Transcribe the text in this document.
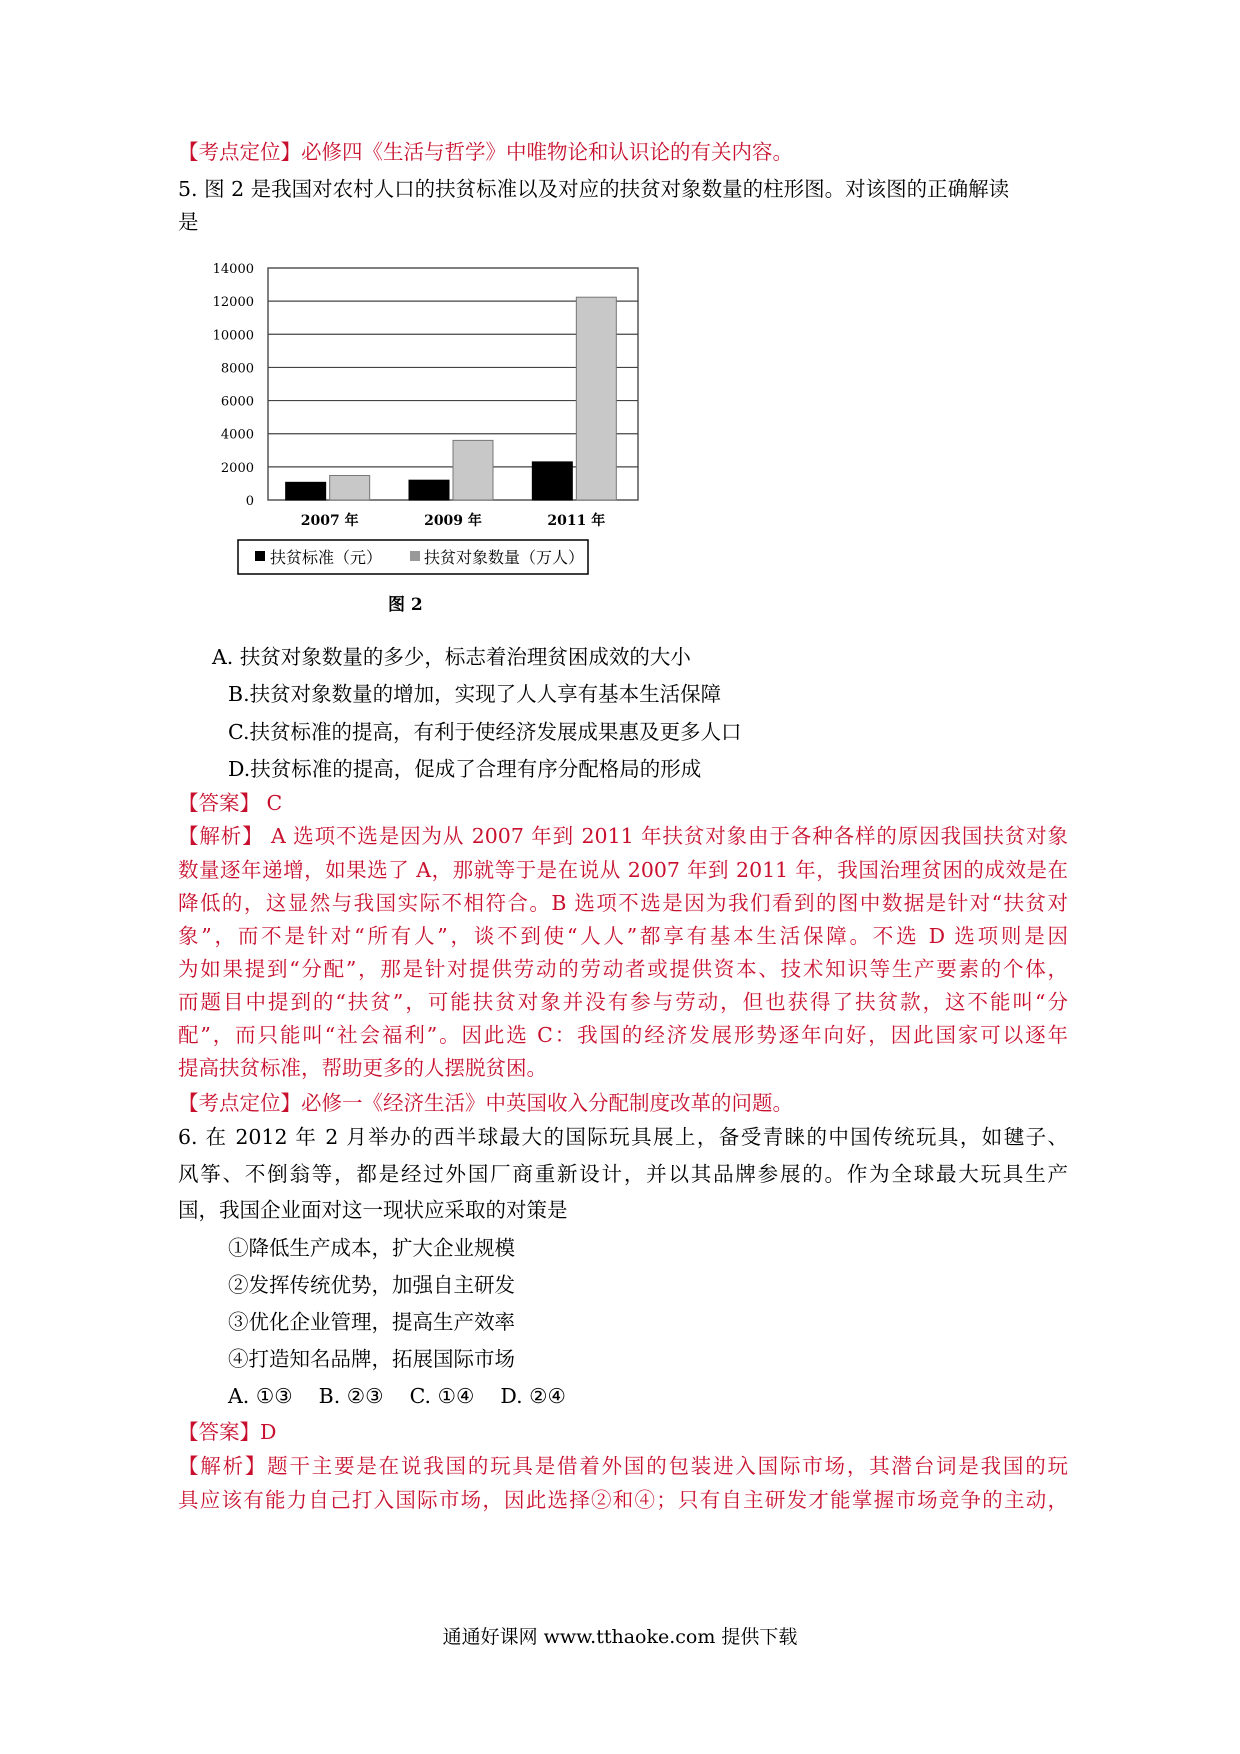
【考点定位】必修四《生活与哲学》中唯物论和认识论的有关内容。
5. 图 2 是我国对农村人口的扶贫标准以及对应的扶贫对象数量的柱形图。对该图的正确解读
是
0
2000
4000
6000
8000
10000
12000
14000
2007 年	2009 年	2011 年
扶贫标准（元）	扶贫对象数量（万人）
图 2
A. 扶贫对象数量的多少，标志着治理贫困成效的大小
B.扶贫对象数量的增加，实现了人人享有基本生活保障
C.扶贫标准的提高，有利于使经济发展成果惠及更多人口
D.扶贫标准的提高，促成了合理有序分配格局的形成
【答案】 C
【解析】 A 选项不选是因为从 2007 年到 2011 年扶贫对象由于各种各样的原因我国扶贫对象
数量逐年递增，如果选了 A，那就等于是在说从 2007 年到 2011 年，我国治理贫困的成效是在
降低的，这显然与我国实际不相符合。B 选项不选是因为我们看到的图中数据是针对“扶贫对
象”，而不是针对“所有人”，谈不到使“人人”都享有基本生活保障。不选 D 选项则是因
为如果提到“分配”，那是针对提供劳动的劳动者或提供资本、技术知识等生产要素的个体，
而题目中提到的“扶贫”，可能扶贫对象并没有参与劳动，但也获得了扶贫款，这不能叫“分
配”，而只能叫“社会福利”。因此选 C：我国的经济发展形势逐年向好，因此国家可以逐年
提高扶贫标准，帮助更多的人摆脱贫困。
【考点定位】必修一《经济生活》中英国收入分配制度改革的问题。
6. 在 2012 年 2 月举办的西半球最大的国际玩具展上，备受青睐的中国传统玩具，如毽子、
风筝、不倒翁等，都是经过外国厂商重新设计，并以其品牌参展的。作为全球最大玩具生产
国，我国企业面对这一现状应采取的对策是
①降低生产成本，扩大企业规模
②发挥传统优势，加强自主研发
③优化企业管理，提高生产效率
④打造知名品牌，拓展国际市场
A. ①③    B. ②③    C. ①④    D. ②④
【答案】D
【解析】题干主要是在说我国的玩具是借着外国的包装进入国际市场，其潜台词是我国的玩
具应该有能力自己打入国际市场，因此选择②和④；只有自主研发才能掌握市场竞争的主动，
通通好课网 www.tthaoke.com 提供下载
